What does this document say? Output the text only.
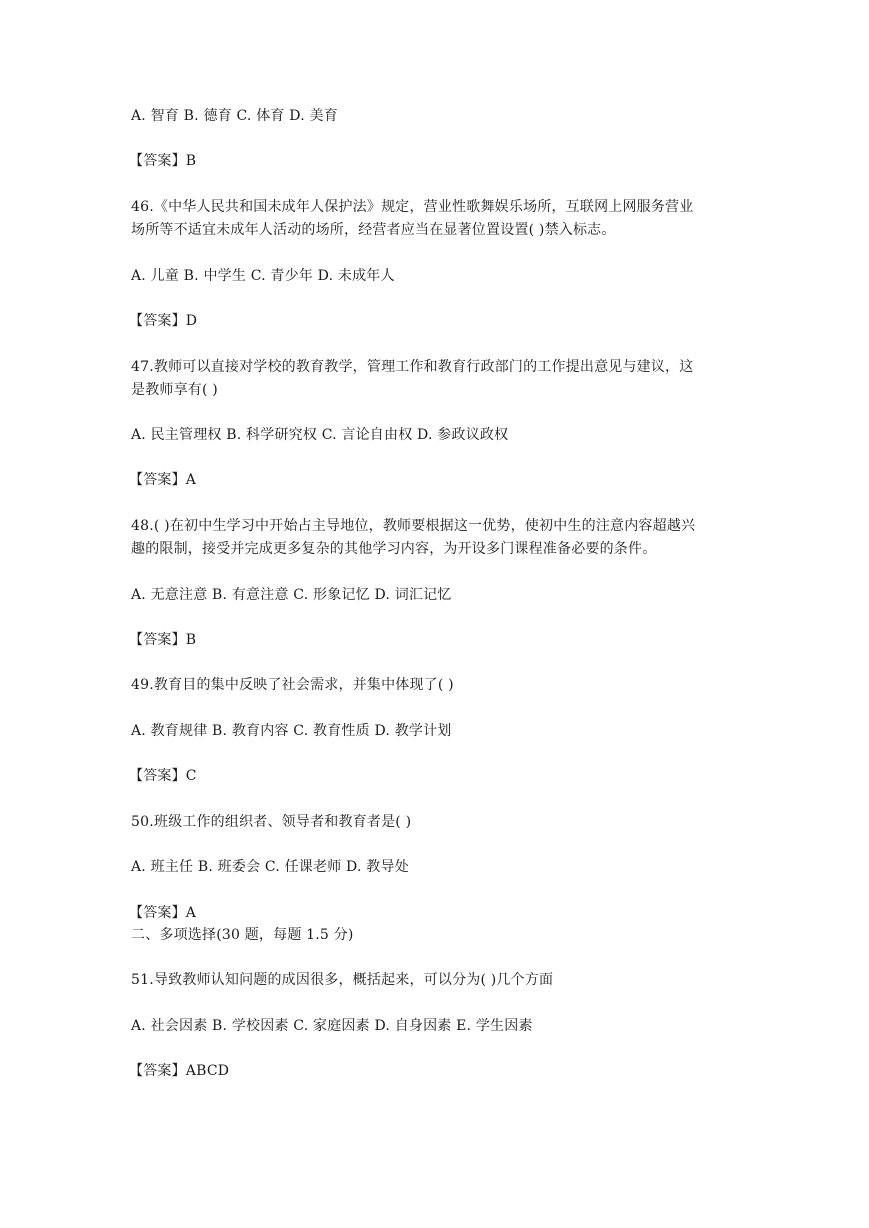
A. 智育 B. 德育 C. 体育 D. 美育
【答案】B
46.《中华人民共和国未成年人保护法》规定，营业性歌舞娱乐场所，互联网上网服务营业
场所等不适宜未成年人活动的场所，经营者应当在显著位置设置( )禁入标志。
A. 儿童 B. 中学生 C. 青少年 D. 未成年人
【答案】D
47.教师可以直接对学校的教育教学，管理工作和教育行政部门的工作提出意见与建议，这
是教师享有( )
A. 民主管理权 B. 科学研究权 C. 言论自由权 D. 参政议政权
【答案】A
48.( )在初中生学习中开始占主导地位，教师要根据这一优势，使初中生的注意内容超越兴
趣的限制，接受并完成更多复杂的其他学习内容，为开设多门课程准备必要的条件。
A. 无意注意 B. 有意注意 C. 形象记忆 D. 词汇记忆
【答案】B
49.教育目的集中反映了社会需求，并集中体现了( )
A. 教育规律 B. 教育内容 C. 教育性质 D. 教学计划
【答案】C
50.班级工作的组织者、领导者和教育者是( )
A. 班主任 B. 班委会 C. 任课老师 D. 教导处
【答案】A
二、多项选择(30 题，每题 1.5 分)
51.导致教师认知问题的成因很多，概括起来，可以分为( )几个方面
A. 社会因素 B. 学校因素 C. 家庭因素 D. 自身因素 E. 学生因素
【答案】ABCD
